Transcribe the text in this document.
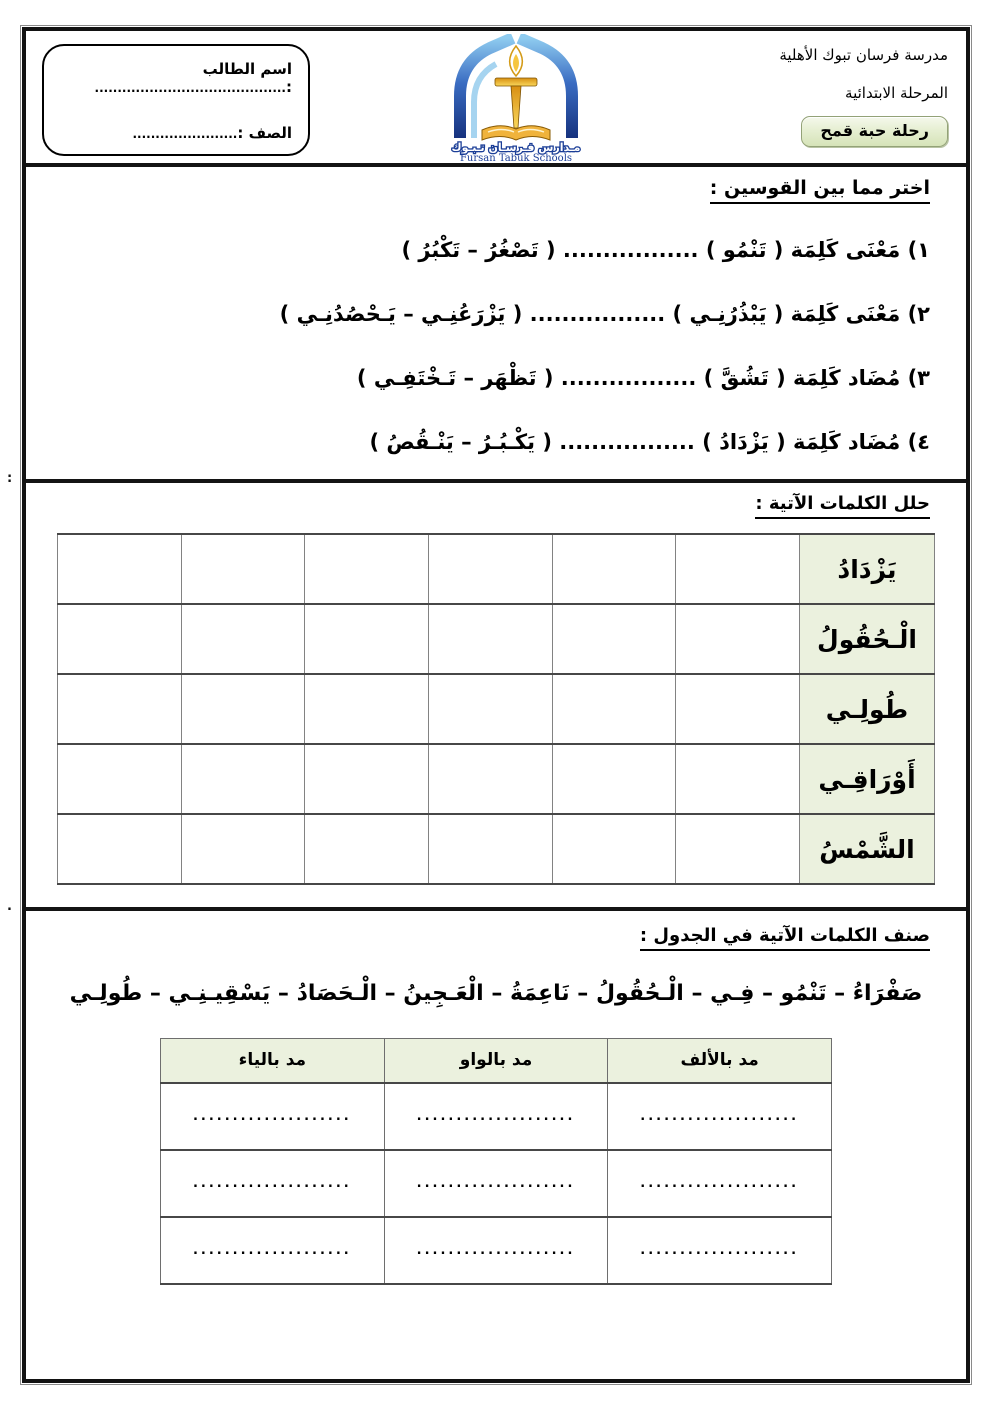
:
.
مدرسة فرسان تبوك الأهلية
المرحلة الابتدائية
رحلة حبة قمح
مـدارس فـرسـان تـبـوك
Fursan Tabuk Schools
اسم الطالب :..........................................
الصف :.......................
اختر مما بين القوسين :
١) مَعْنَى كَلِمَة ( تَنْمُو ) ................. ( تَصْغُرُ – تَكْبُرُ )
٢) مَعْنَى كَلِمَة ( يَبْذُرُنِـي ) ................. ( يَزْرَعُنِـي – يَـحْصُدُنِـي )
٣) مُضَاد كَلِمَة ( تَشُقَّ ) ................. ( تَظْهَر – تَـخْتَفِـي )
٤) مُضَاد كَلِمَة ( يَزْدَادُ ) ................. ( يَكْـبُـرُ – يَنْـقُصُ )
حلل الكلمات الآتية :
يَزْدَادُ						
الْـحُقُولُ						
طُولِـي						
أَوْرَاقِـي						
الشَّمْسُ						
صنف الكلمات الآتية في الجدول :
صَفْرَاءُ – تَنْمُو – فِـي – الْـحُقُولُ – نَاعِمَةُ – الْعَـجِينُ – الْـحَصَادُ – يَسْقِيـنِـي – طُولِـي
مد بالألف	مد بالواو	مد بالياء
....................	....................	....................
....................	....................	....................
....................	....................	....................
